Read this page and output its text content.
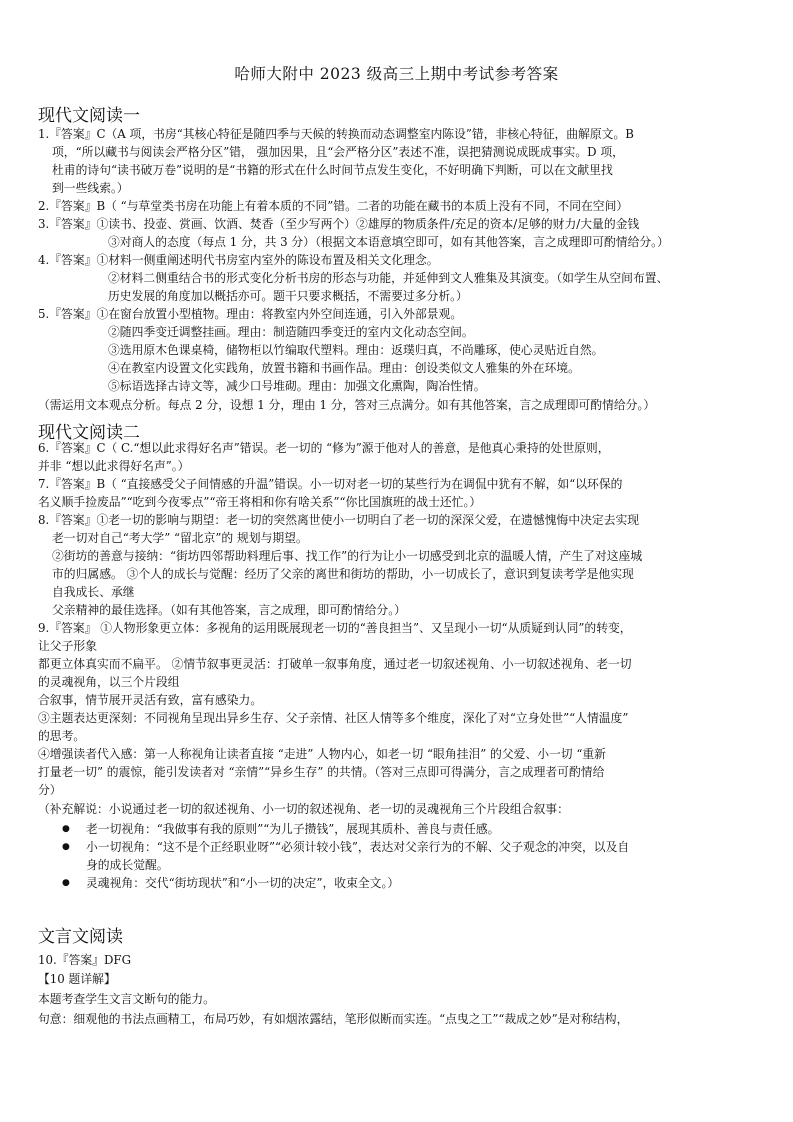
哈师大附中 2023 级高三上期中考试参考答案
现代文阅读一
1.『答案』C（A 项，书房“其核心特征是随四季与天候的转换而动态调整室内陈设”错，非核心特征，曲解原文。B
项，“所以藏书与阅读会严格分区”错， 强加因果，且“会严格分区”表述不准，误把猜测说成既成事实。D 项，
杜甫的诗句“读书破万卷”说明的是“书籍的形式在什么时间节点发生变化，不好明确下判断，可以在文献里找
到一些线索。）
2.『答案』B（ “与草堂类书房在功能上有着本质的不同”错。二者的功能在藏书的本质上没有不同，不同在空间）
3.『答案』①读书、投壶、赏画、饮酒、焚香（至少写两个）②雄厚的物质条件/充足的资本/足够的财力/大量的金钱
③对商人的态度（每点 1 分，共 3 分）（根据文本语意填空即可，如有其他答案，言之成理即可酌情给分。）
4.『答案』①材料一侧重阐述明代书房室内室外的陈设布置及相关文化理念。
②材料二侧重结合书的形式变化分析书房的形态与功能，并延伸到文人雅集及其演变。（如学生从空间布置、
历史发展的角度加以概括亦可。题干只要求概括，不需要过多分析。）
5.『答案』①在窗台放置小型植物。理由：将教室内外空间连通，引入外部景观。
②随四季变迁调整挂画。理由：制造随四季变迁的室内文化动态空间。
③选用原木色课桌椅，储物柜以竹编取代塑料。理由：返璞归真，不尚雕琢，使心灵贴近自然。
④在教室内设置文化实践角，放置书籍和书画作品。理由：创设类似文人雅集的外在环境。
⑤标语选择古诗文等，减少口号堆砌。理由：加强文化熏陶，陶冶性情。
（需运用文本观点分析。每点 2 分，设想 1 分，理由 1 分，答对三点满分。如有其他答案，言之成理即可酌情给分。）
现代文阅读二
6.『答案』C（ C.“想以此求得好名声”错误。老一切的 “修为”源于他对人的善意，是他真心秉持的处世原则，
并非 “想以此求得好名声”。）
7.『答案』B（ “直接感受父子间情感的升温”错误。小一切对老一切的某些行为在调侃中犹有不解，如“以环保的
名义顺手捡废品”“吃到今夜零点”“帝王将相和你有啥关系”“你比国旗班的战士还忙。）
8.『答案』①老一切的影响与期望：老一切的突然离世使小一切明白了老一切的深深父爱，在遗憾愧悔中决定去实现
老一切对自己“考大学” “留北京”的 规划与期望。
②街坊的善意与接纳：“街坊四邻帮助料理后事、找工作”的行为让小一切感受到北京的温暖人情，产生了对这座城
市的归属感。 ③个人的成长与觉醒：经历了父亲的离世和街坊的帮助，小一切成长了，意识到复读考学是他实现
自我成长、承继
父亲精神的最佳选择。（如有其他答案，言之成理，即可酌情给分。）
9.『答案』 ①人物形象更立体：多视角的运用既展现老一切的“善良担当”、又呈现小一切“从质疑到认同”的转变，
让父子形象
都更立体真实而不扁平。 ②情节叙事更灵活：打破单一叙事角度，通过老一切叙述视角、小一切叙述视角、老一切
的灵魂视角，以三个片段组
合叙事，情节展开灵活有致，富有感染力。
③主题表达更深刻：不同视角呈现出异乡生存、父子亲情、社区人情等多个维度，深化了对“立身处世”“人情温度”
的思考。
④增强读者代入感：第一人称视角让读者直接 “走进” 人物内心，如老一切 “眼角挂泪” 的父爱、小一切 “重新
打量老一切” 的震惊，能引发读者对 “亲情”“异乡生存” 的共情。（答对三点即可得满分，言之成理者可酌情给
分）
（补充解说：小说通过老一切的叙述视角、小一切的叙述视角、老一切的灵魂视角三个片段组合叙事：
● 老一切视角：“我做事有我的原则”“为儿子攒钱”，展现其质朴、善良与责任感。
● 小一切视角：“这不是个正经职业呀”“必须计较小钱”，表达对父亲行为的不解、父子观念的冲突，以及自
身的成长觉醒。
● 灵魂视角：交代“街坊现状”和“小一切的决定”，收束全文。）
文言文阅读
10.『答案』DFG
【10 题详解】
本题考查学生文言文断句的能力。
句意：细观他的书法点画精工，布局巧妙，有如烟浓露结，笔形似断而实连。“点曳之工”“裁成之妙”是对称结构，
